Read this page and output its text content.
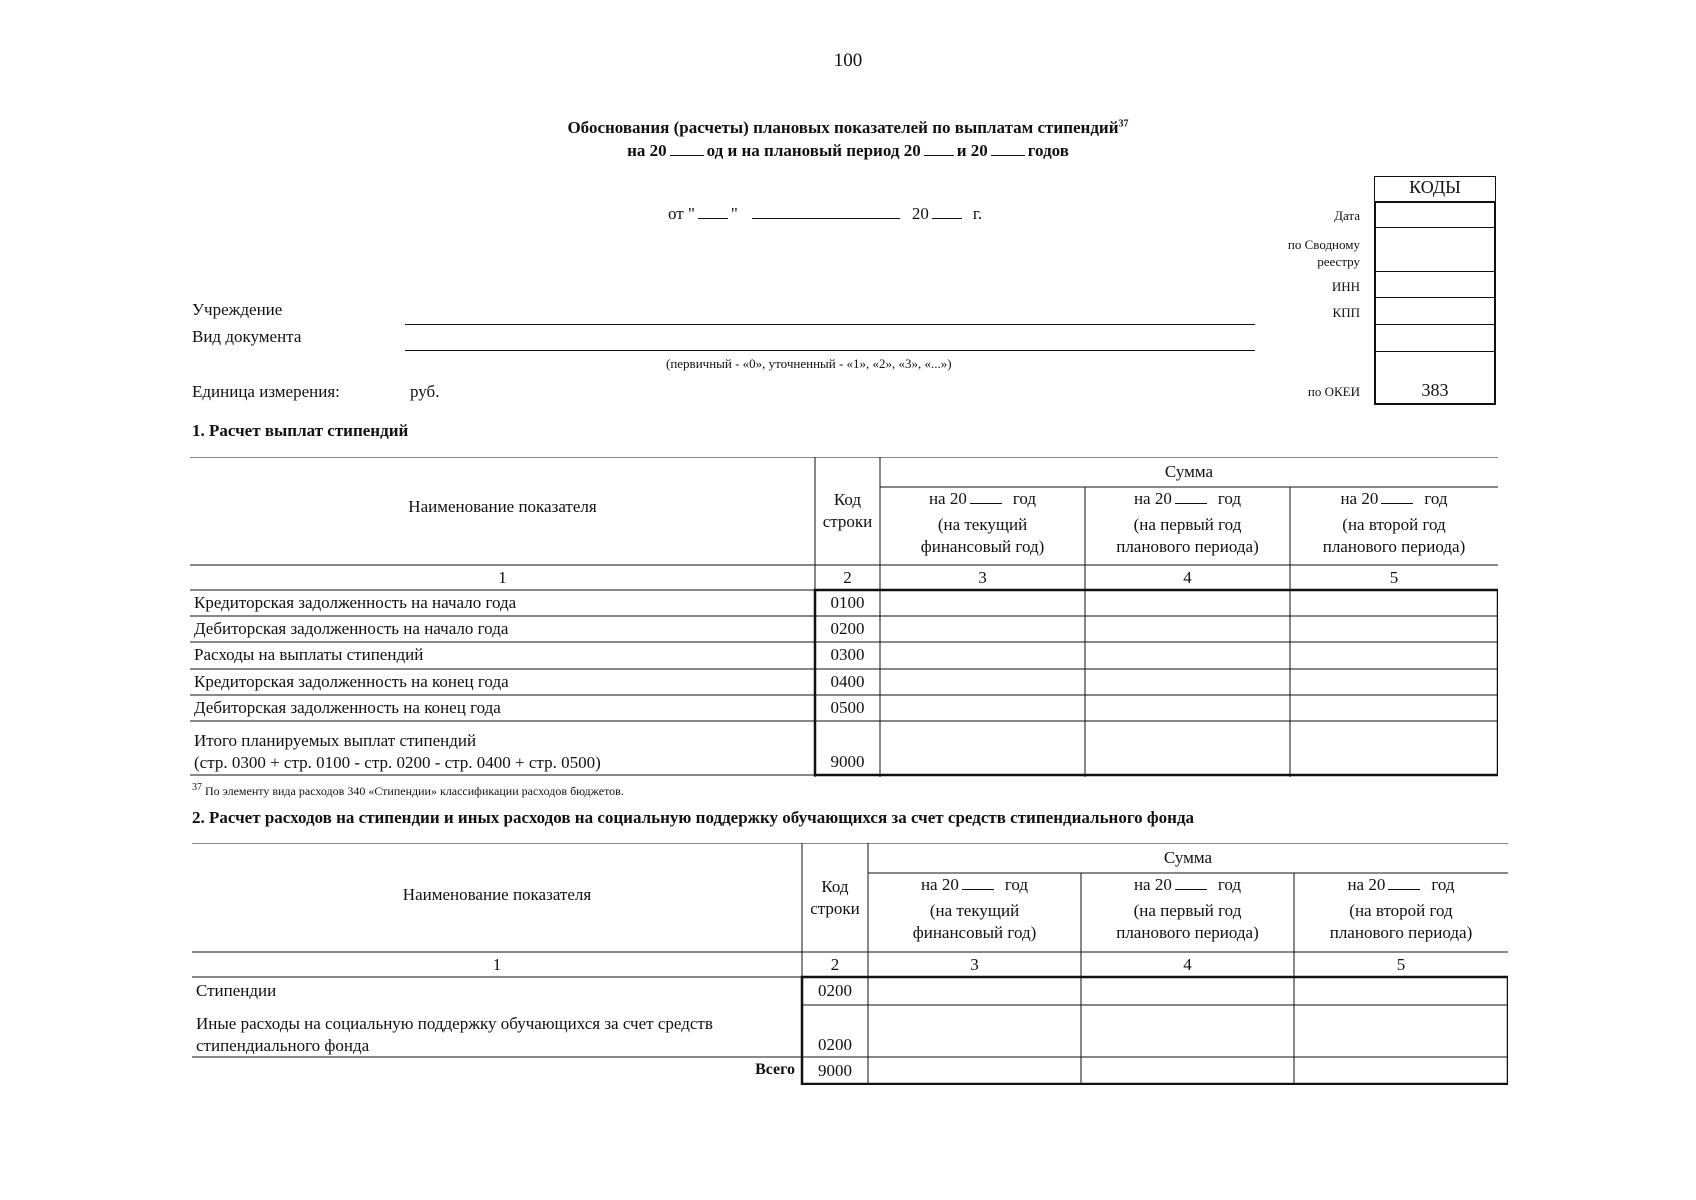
100
Обоснования (расчеты) плановых показателей по выплатам стипендий$^{37}$
на 20 од и на плановый период 20 и 20 годов
от " "	20	г.
КОДЫ
383
Дата
по Сводному
реестру
ИНН
КПП
по ОКЕИ
Учреждение
Вид документа
(первичный - «0», уточненный - «1», «2», «3», «...»)
Единица измерения:	руб.
1. Расчет выплат стипендий
Наименование показателя	Код
строки
Сумма
на 20	год
(на текущий финансовый год)
на 20	год
(на первый год планового периода)
на 20	год
(на второй год планового периода)
1	2	3	4	5
Кредиторская задолженность на начало года	0100
Дебиторская задолженность на начало года	0200
Расходы на выплаты стипендий	0300
Кредиторская задолженность на конец года	0400
Дебиторская задолженность на конец года	0500
Итого планируемых выплат стипендий
(стр. 0300 + стр. 0100 - стр. 0200 - стр. 0400 + стр. 0500)	9000
$^{37}$ По элементу вида расходов 340 «Стипендии» классификации расходов бюджетов.
2. Расчет расходов на стипендии и иных расходов на социальную поддержку обучающихся за счет средств стипендиального фонда
Наименование показателя	Код
строки
Сумма
на 20	год
(на текущий финансовый год)
на 20	год
(на первый год планового периода)
на 20	год
(на второй год планового периода)
1	2	3	4	5
Стипендии	0200
Иные расходы на социальную поддержку обучающихся за счет средств
стипендиального фонда	0200
Всего	9000
